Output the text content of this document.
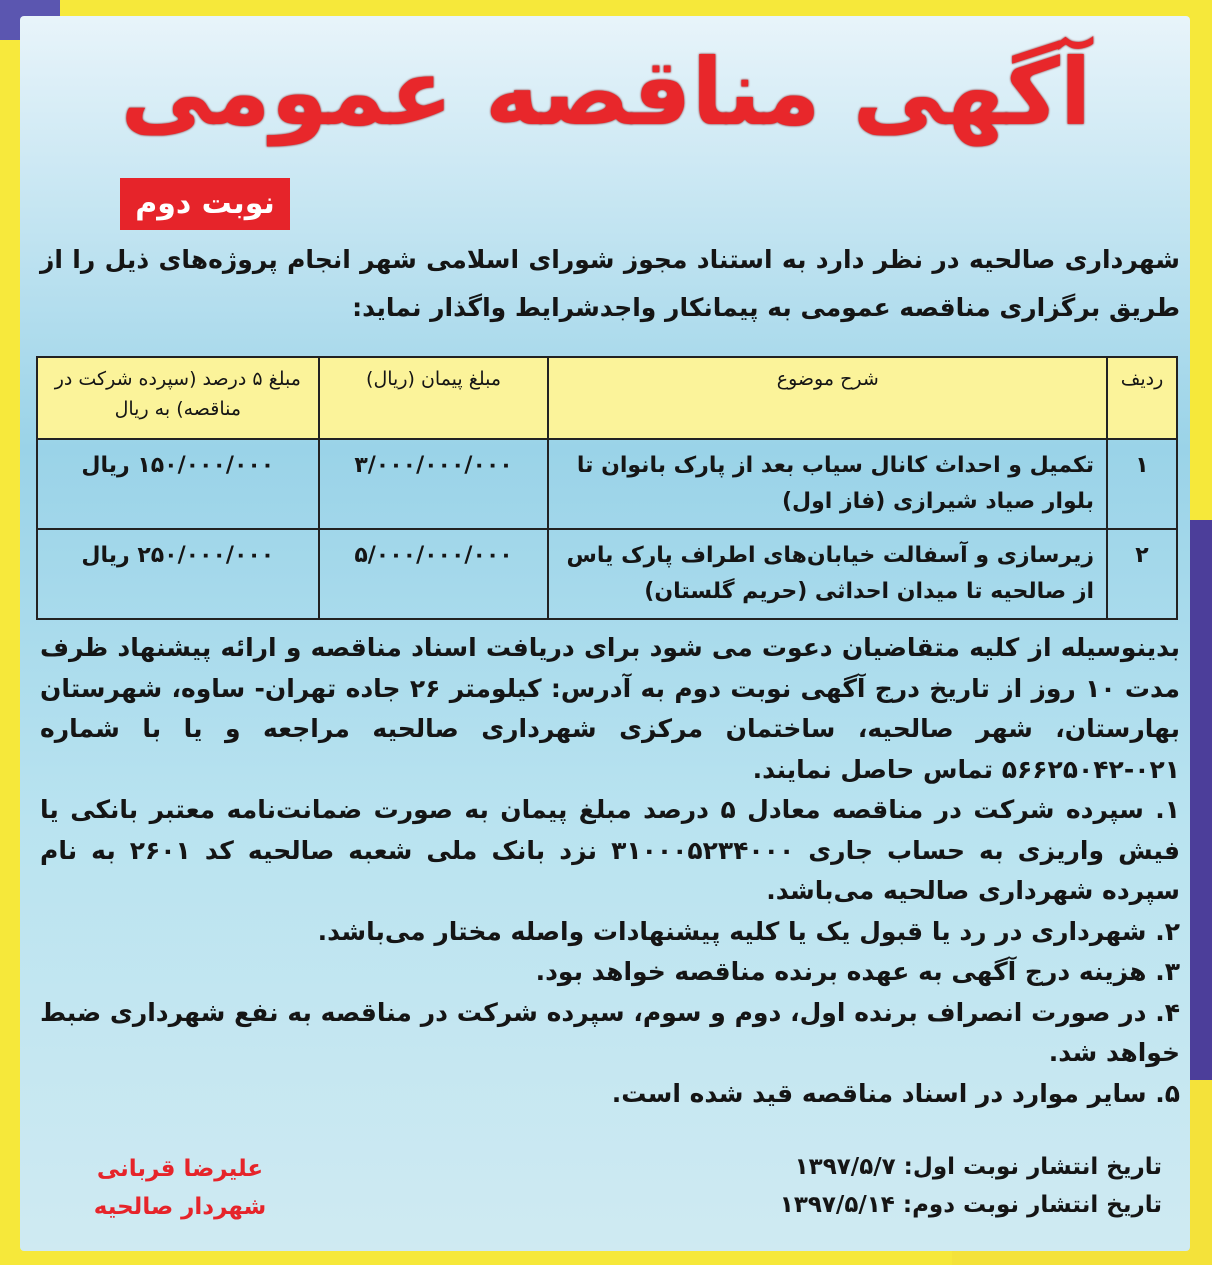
آگهی مناقصه عمومی
نوبت دوم
شهرداری صالحیه در نظر دارد به استناد مجوز شورای اسلامی شهر انجام پروژه‌های ذیل را از طریق برگزاری مناقصه عمومی به پیمانکار واجدشرایط واگذار نماید:
ردیف	شرح موضوع	مبلغ پیمان (ریال)	مبلغ ۵ درصد (سپرده شرکت در مناقصه) به ریال
۱	تکمیل و احداث کانال سیاب بعد از پارک بانوان تا بلوار صیاد شیرازی (فاز اول)	۳/۰۰۰/۰۰۰/۰۰۰	۱۵۰/۰۰۰/۰۰۰ ریال
۲	زیرسازی و آسفالت خیابان‌های اطراف پارک یاس از صالحیه تا میدان احداثی (حریم گلستان)	۵/۰۰۰/۰۰۰/۰۰۰	۲۵۰/۰۰۰/۰۰۰ ریال

بدینوسیله از کلیه متقاضیان دعوت می شود برای دریافت اسناد مناقصه و ارائه پیشنهاد ظرف مدت ۱۰ روز از تاریخ درج آگهی نوبت دوم به آدرس: کیلومتر ۲۶ جاده تهران- ساوه، شهرستان بهارستان، شهر صالحیه، ساختمان مرکزی شهرداری صالحیه مراجعه و یا با شماره ۰۲۱-۵۶۶۲۵۰۴۲ تماس حاصل نمایند.

۱. سپرده شرکت در مناقصه معادل ۵ درصد مبلغ پیمان به صورت ضمانت‌نامه معتبر بانکی یا فیش واریزی به حساب جاری ۳۱۰۰۰۵۲۳۴۰۰۰ نزد بانک ملی شعبه صالحیه کد ۲۶۰۱ به نام سپرده شهرداری صالحیه می‌باشد.

۲. شهرداری در رد یا قبول یک یا کلیه پیشنهادات واصله مختار می‌باشد.

۳. هزینه درج آگهی به عهده برنده مناقصه خواهد بود.

۴. در صورت انصراف برنده اول، دوم و سوم، سپرده شرکت در مناقصه به نفع شهرداری ضبط خواهد شد.

۵. سایر موارد در اسناد مناقصه قید شده است.

تاریخ انتشار نوبت اول: ۱۳۹۷/۵/۷
تاریخ انتشار نوبت دوم: ۱۳۹۷/۵/۱۴
علیرضا قربانی
شهردار صالحیه
